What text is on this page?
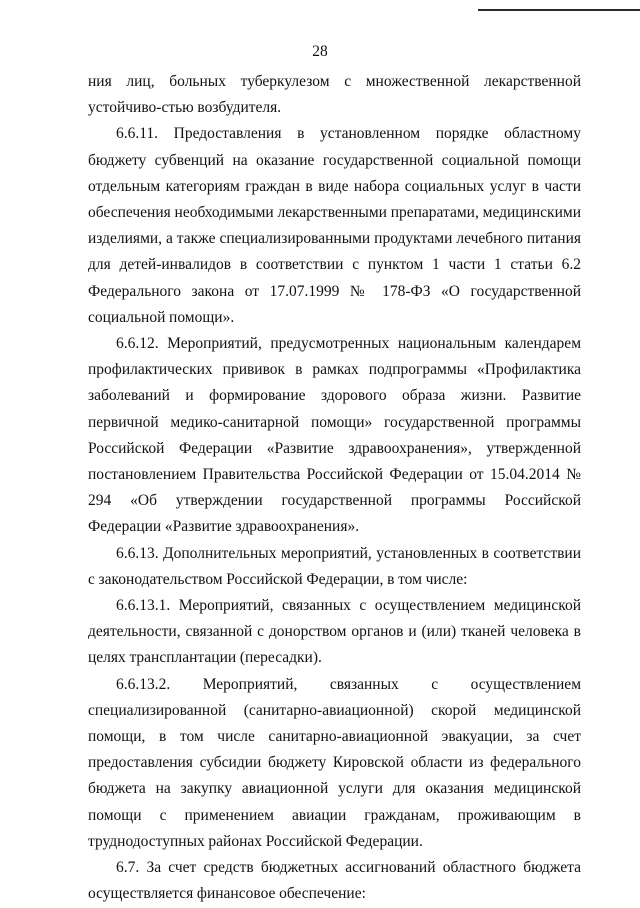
28

ния лиц, больных туберкулезом с множественной лекарственной устойчиво-стью возбудителя.

6.6.11. Предоставления в установленном порядке областному бюджету субвенций на оказание государственной социальной помощи отдельным категориям граждан в виде набора социальных услуг в части обеспечения необходимыми лекарственными препаратами, медицинскими изделиями, а также специализированными продуктами лечебного питания для детей-инвалидов в соответствии с пунктом 1 части 1 статьи 6.2 Федерального закона от 17.07.1999 № 178-ФЗ «О государственной социальной помощи».

6.6.12. Мероприятий, предусмотренных национальным календарем профилактических прививок в рамках подпрограммы «Профилактика заболеваний и формирование здорового образа жизни. Развитие первичной медико-санитарной помощи» государственной программы Российской Федерации «Развитие здравоохранения», утвержденной постановлением Правительства Российской Федерации от 15.04.2014 № 294 «Об утверждении государственной программы Российской Федерации «Развитие здравоохранения».

6.6.13. Дополнительных мероприятий, установленных в соответствии с законодательством Российской Федерации, в том числе:

6.6.13.1. Мероприятий, связанных с осуществлением медицинской деятельности, связанной с донорством органов и (или) тканей человека в целях трансплантации (пересадки).

6.6.13.2. Мероприятий, связанных с осуществлением специализированной (санитарно-авиационной) скорой медицинской помощи, в том числе санитарно-авиационной эвакуации, за счет предоставления субсидии бюджету Кировской области из федерального бюджета на закупку авиационной услуги для оказания медицинской помощи с применением авиации гражданам, проживающим в труднодоступных районах Российской Федерации.

6.7. За счет средств бюджетных ассигнований областного бюджета осуществляется финансовое обеспечение:
